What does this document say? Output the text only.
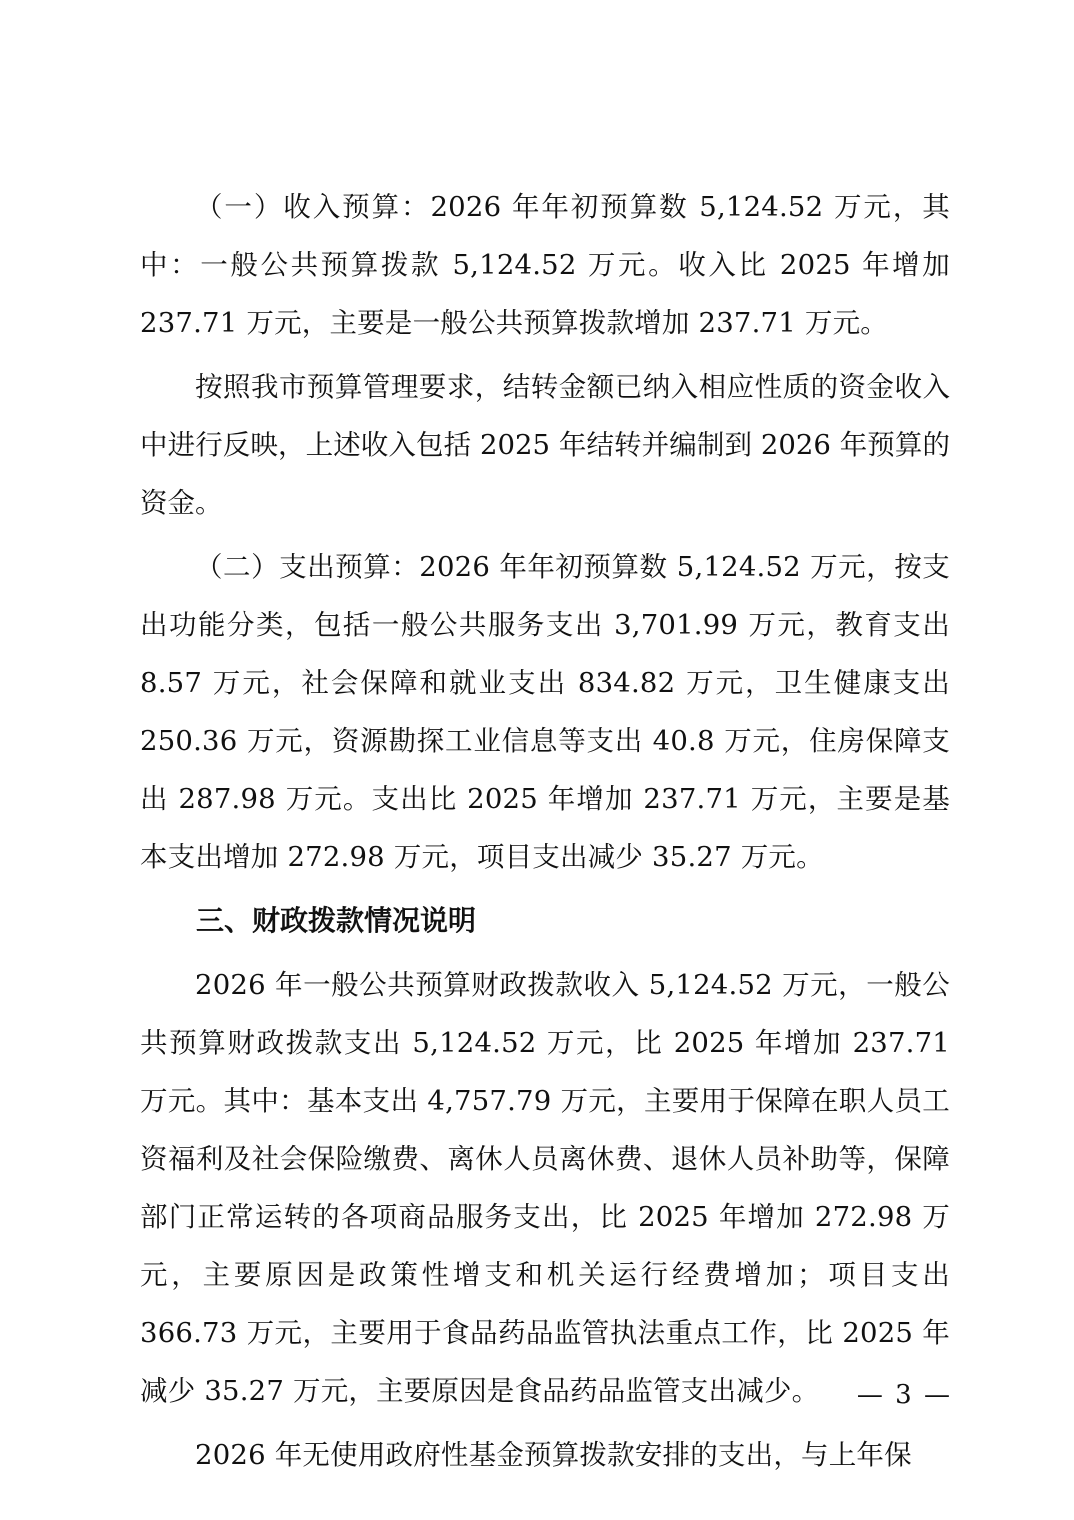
（一）收入预算：2026 年年初预算数 5,124.52 万元，其中：一般公共预算拨款 5,124.52 万元。收入比 2025 年增加 237.71 万元，主要是一般公共预算拨款增加 237.71 万元。

按照我市预算管理要求，结转金额已纳入相应性质的资金收入中进行反映，上述收入包括 2025 年结转并编制到 2026 年预算的资金。

（二）支出预算：2026 年年初预算数 5,124.52 万元，按支出功能分类，包括一般公共服务支出 3,701.99 万元，教育支出 8.57 万元，社会保障和就业支出 834.82 万元，卫生健康支出 250.36 万元，资源勘探工业信息等支出 40.8 万元，住房保障支出 287.98 万元。支出比 2025 年增加 237.71 万元，主要是基本支出增加 272.98 万元，项目支出减少 35.27 万元。

三、财政拨款情况说明

2026 年一般公共预算财政拨款收入 5,124.52 万元，一般公共预算财政拨款支出 5,124.52 万元，比 2025 年增加 237.71 万元。其中：基本支出 4,757.79 万元，主要用于保障在职人员工资福利及社会保险缴费、离休人员离休费、退休人员补助等，保障部门正常运转的各项商品服务支出，比 2025 年增加 272.98 万元，主要原因是政策性增支和机关运行经费增加；项目支出 366.73 万元，主要用于食品药品监管执法重点工作，比 2025 年减少 35.27 万元，主要原因是食品药品监管支出减少。

2026 年无使用政府性基金预算拨款安排的支出，与上年保

— 3 —
